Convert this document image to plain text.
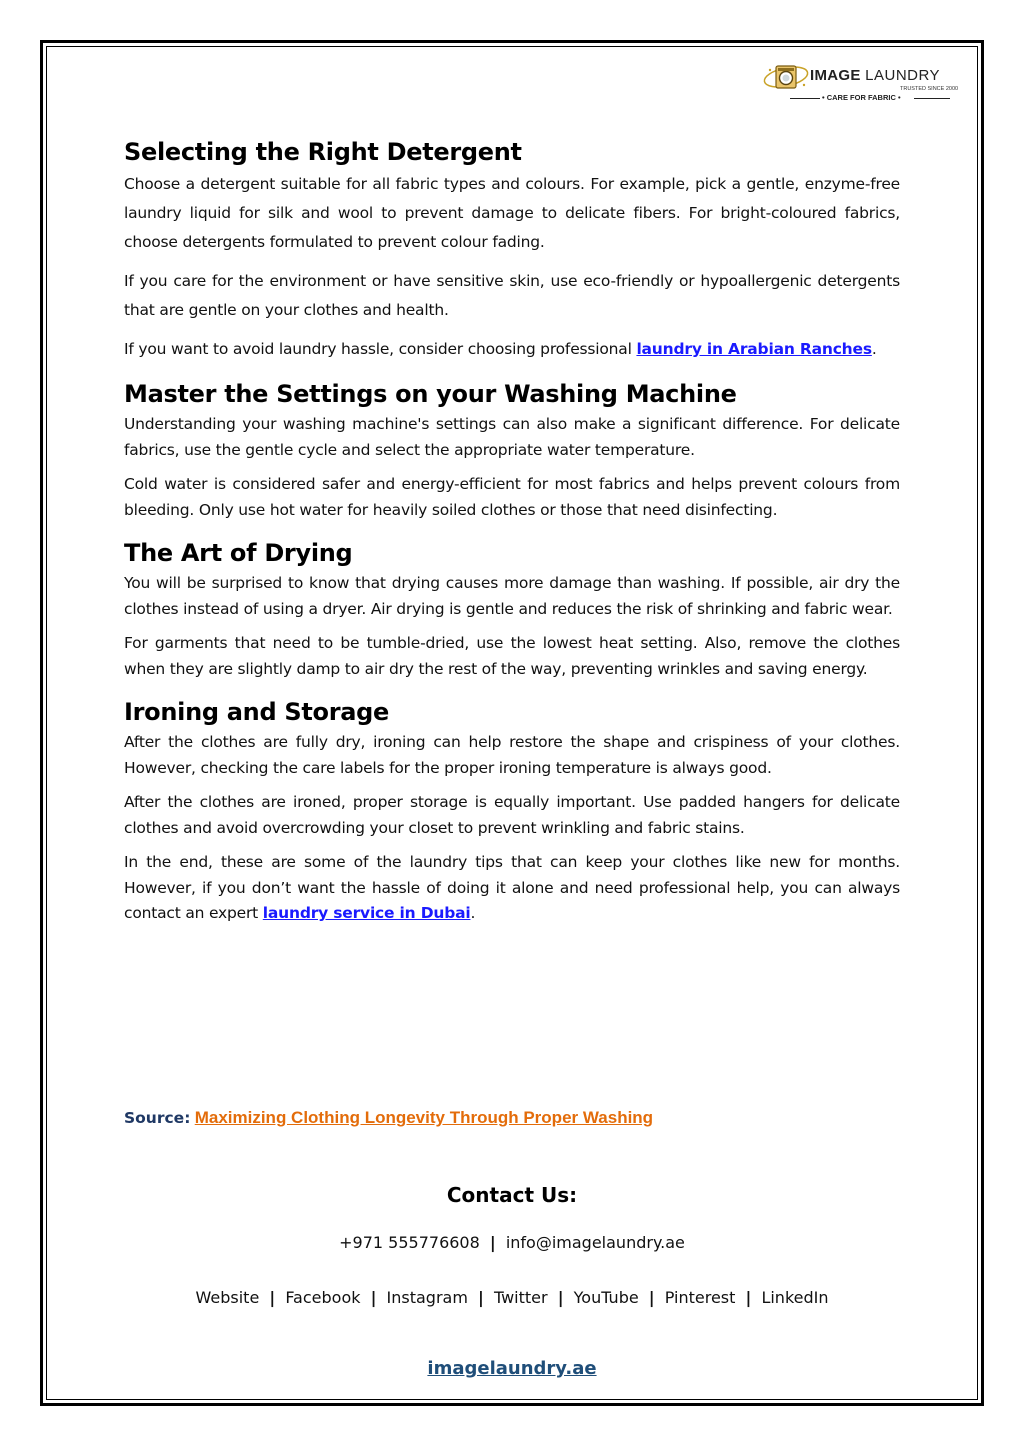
IMAGE LAUNDRY
TRUSTED SINCE 2000
• CARE FOR FABRIC •
Selecting the Right Detergent

Choose a detergent suitable for all fabric types and colours. For example, pick a gentle, enzyme-free laundry liquid for silk and wool to prevent damage to delicate fibers. For bright-coloured fabrics, choose detergents formulated to prevent colour fading.

If you care for the environment or have sensitive skin, use eco-friendly or hypoallergenic detergents that are gentle on your clothes and health.

If you want to avoid laundry hassle, consider choosing professional laundry in Arabian Ranches.

Master the Settings on your Washing Machine

Understanding your washing machine's settings can also make a significant difference. For delicate fabrics, use the gentle cycle and select the appropriate water temperature.

Cold water is considered safer and energy-efficient for most fabrics and helps prevent colours from bleeding. Only use hot water for heavily soiled clothes or those that need disinfecting.

The Art of Drying

You will be surprised to know that drying causes more damage than washing. If possible, air dry the clothes instead of using a dryer. Air drying is gentle and reduces the risk of shrinking and fabric wear.

For garments that need to be tumble-dried, use the lowest heat setting. Also, remove the clothes when they are slightly damp to air dry the rest of the way, preventing wrinkles and saving energy.

Ironing and Storage

After the clothes are fully dry, ironing can help restore the shape and crispiness of your clothes. However, checking the care labels for the proper ironing temperature is always good.

After the clothes are ironed, proper storage is equally important. Use padded hangers for delicate clothes and avoid overcrowding your closet to prevent wrinkling and fabric stains.

In the end, these are some of the laundry tips that can keep your clothes like new for months. However, if you don’t want the hassle of doing it alone and need professional help, you can always contact an expert laundry service in Dubai.

Source: Maximizing Clothing Longevity Through Proper Washing
Contact Us:
+971 555776608 | info@imagelaundry.ae
Website | Facebook | Instagram | Twitter | YouTube | Pinterest | LinkedIn
imagelaundry.ae
